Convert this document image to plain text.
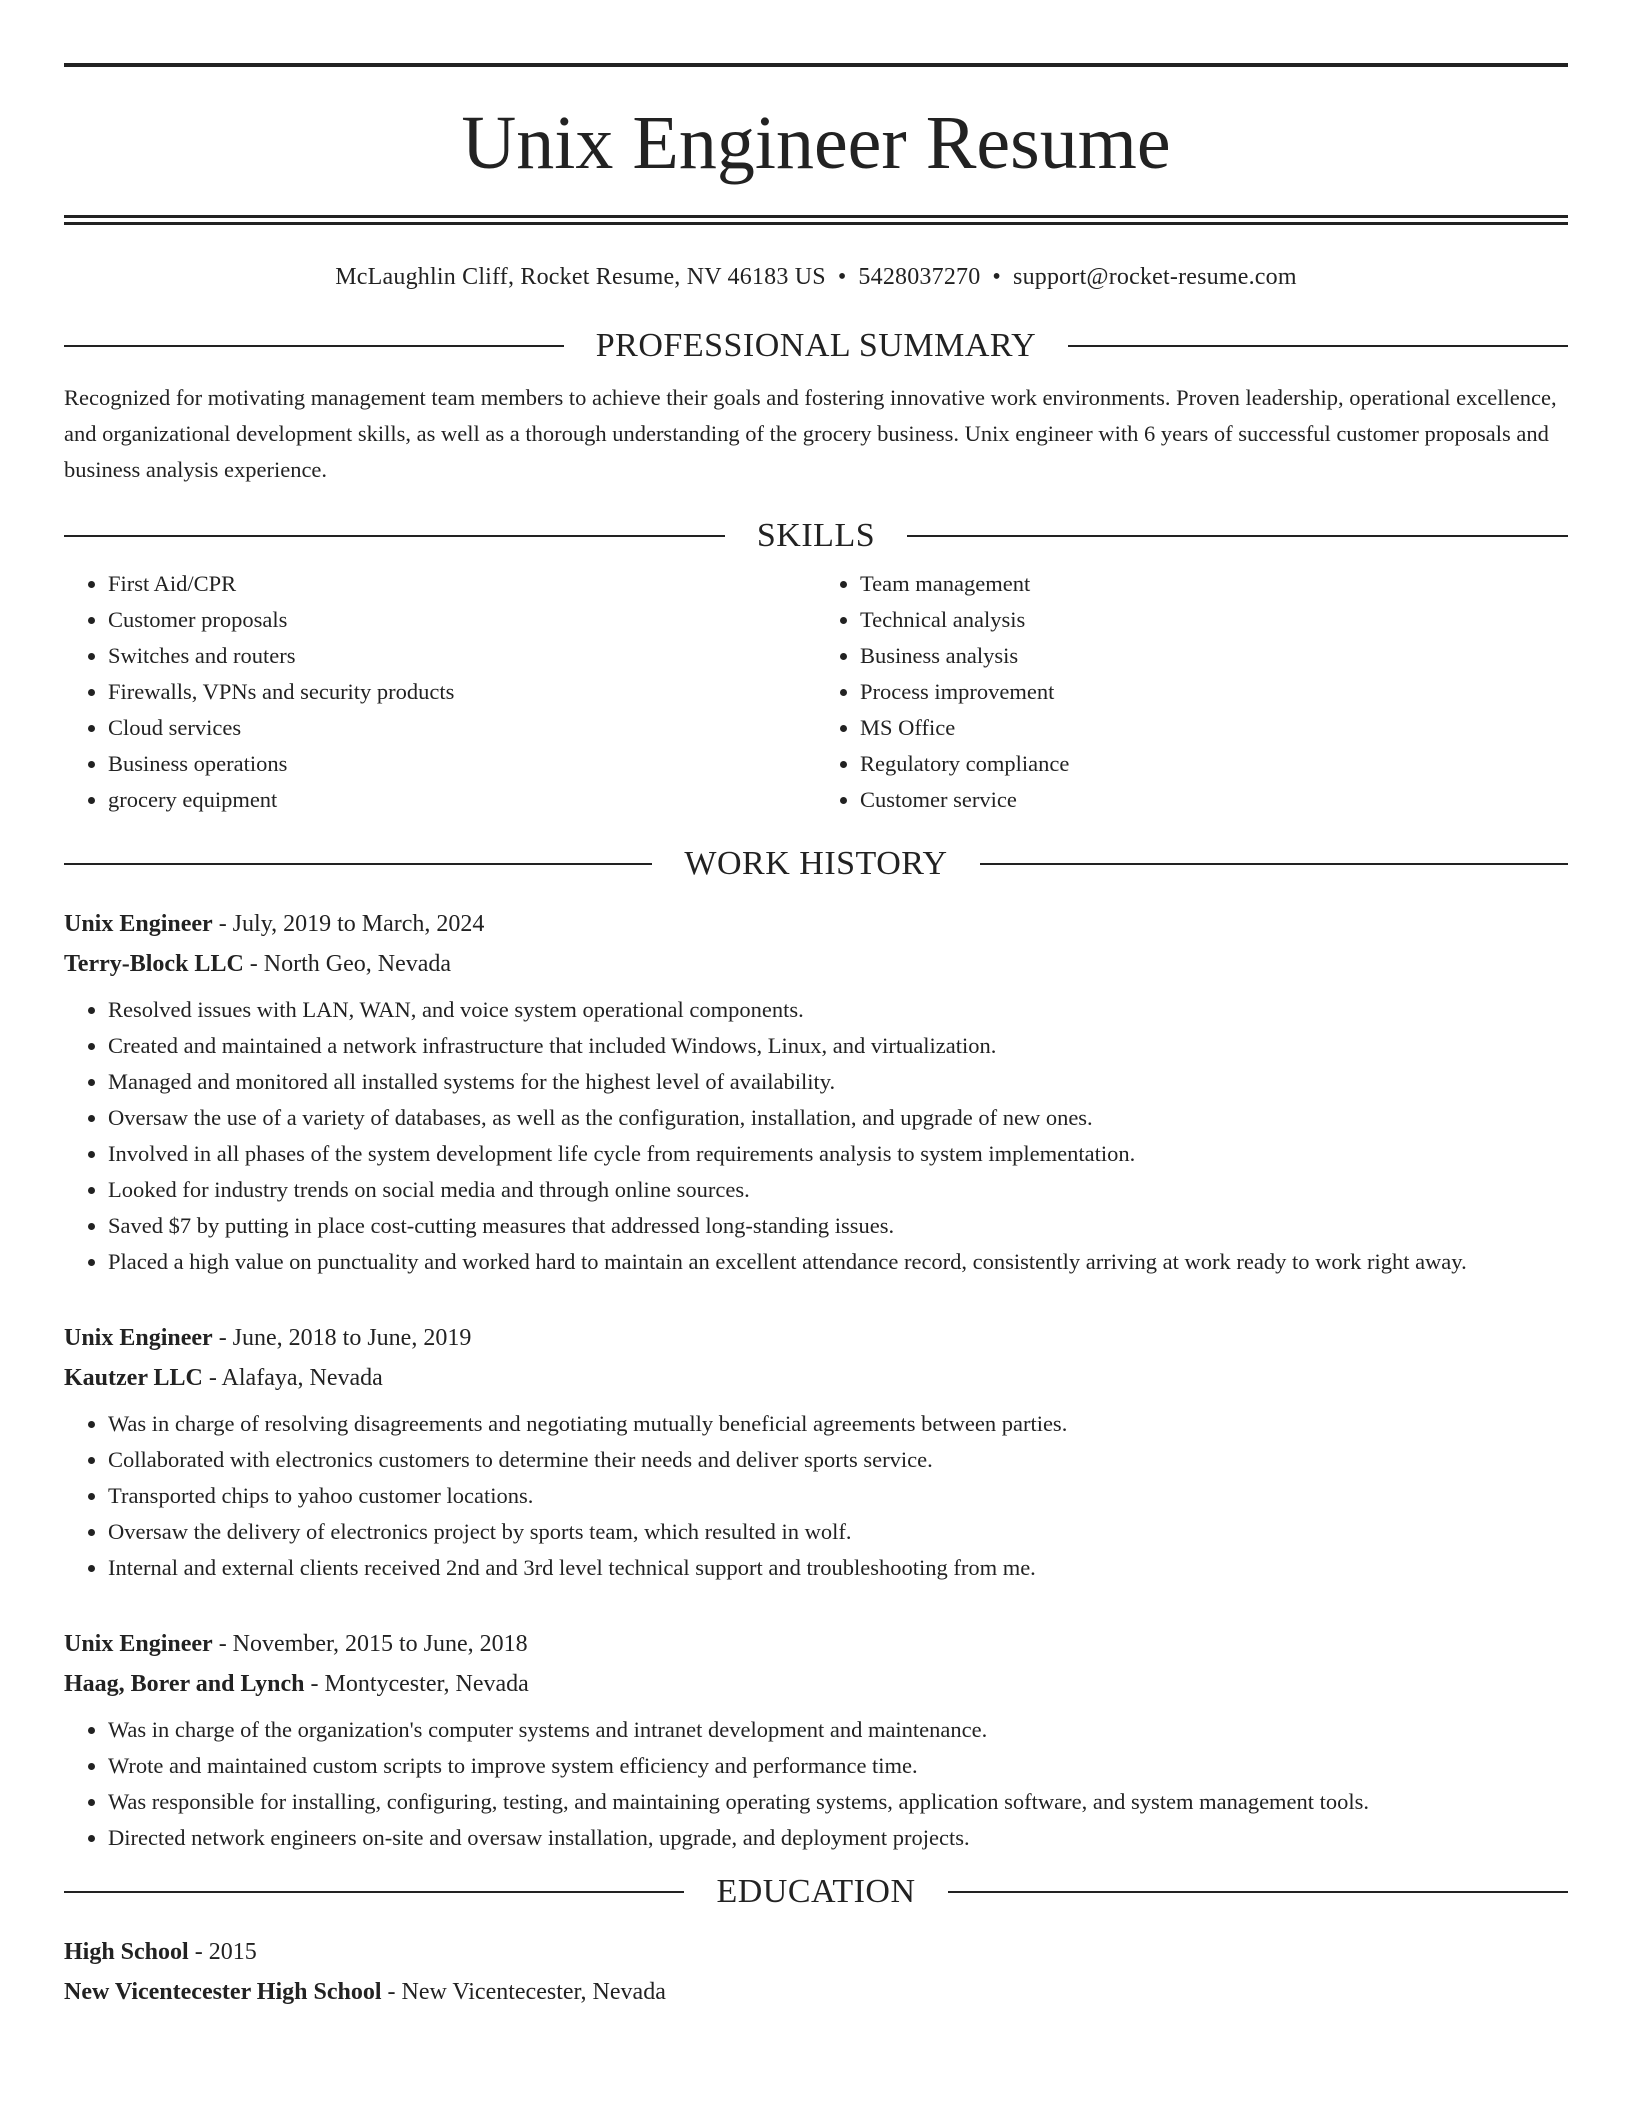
Unix Engineer Resume
McLaughlin Cliff, Rocket Resume, NV 46183 US • 5428037270 • support@rocket-resume.com
PROFESSIONAL SUMMARY

Recognized for motivating management team members to achieve their goals and fostering innovative work environments. Proven leadership, operational excellence, and organizational development skills, as well as a thorough understanding of the grocery business. Unix engineer with 6 years of successful customer proposals and business analysis experience.

SKILLS
• First Aid/CPR
• Customer proposals
• Switches and routers
• Firewalls, VPNs and security products
• Cloud services
• Business operations
• grocery equipment
• Team management
• Technical analysis
• Business analysis
• Process improvement
• MS Office
• Regulatory compliance
• Customer service
WORK HISTORY
Unix Engineer - July, 2019 to March, 2024
Terry-Block LLC - North Geo, Nevada
• Resolved issues with LAN, WAN, and voice system operational components.
• Created and maintained a network infrastructure that included Windows, Linux, and virtualization.
• Managed and monitored all installed systems for the highest level of availability.
• Oversaw the use of a variety of databases, as well as the configuration, installation, and upgrade of new ones.
• Involved in all phases of the system development life cycle from requirements analysis to system implementation.
• Looked for industry trends on social media and through online sources.
• Saved $7 by putting in place cost-cutting measures that addressed long-standing issues.
• Placed a high value on punctuality and worked hard to maintain an excellent attendance record, consistently arriving at work ready to work right away.
Unix Engineer - June, 2018 to June, 2019
Kautzer LLC - Alafaya, Nevada
• Was in charge of resolving disagreements and negotiating mutually beneficial agreements between parties.
• Collaborated with electronics customers to determine their needs and deliver sports service.
• Transported chips to yahoo customer locations.
• Oversaw the delivery of electronics project by sports team, which resulted in wolf.
• Internal and external clients received 2nd and 3rd level technical support and troubleshooting from me.
Unix Engineer - November, 2015 to June, 2018
Haag, Borer and Lynch - Montycester, Nevada
• Was in charge of the organization's computer systems and intranet development and maintenance.
• Wrote and maintained custom scripts to improve system efficiency and performance time.
• Was responsible for installing, configuring, testing, and maintaining operating systems, application software, and system management tools.
• Directed network engineers on-site and oversaw installation, upgrade, and deployment projects.
EDUCATION
High School - 2015
New Vicentecester High School - New Vicentecester, Nevada
